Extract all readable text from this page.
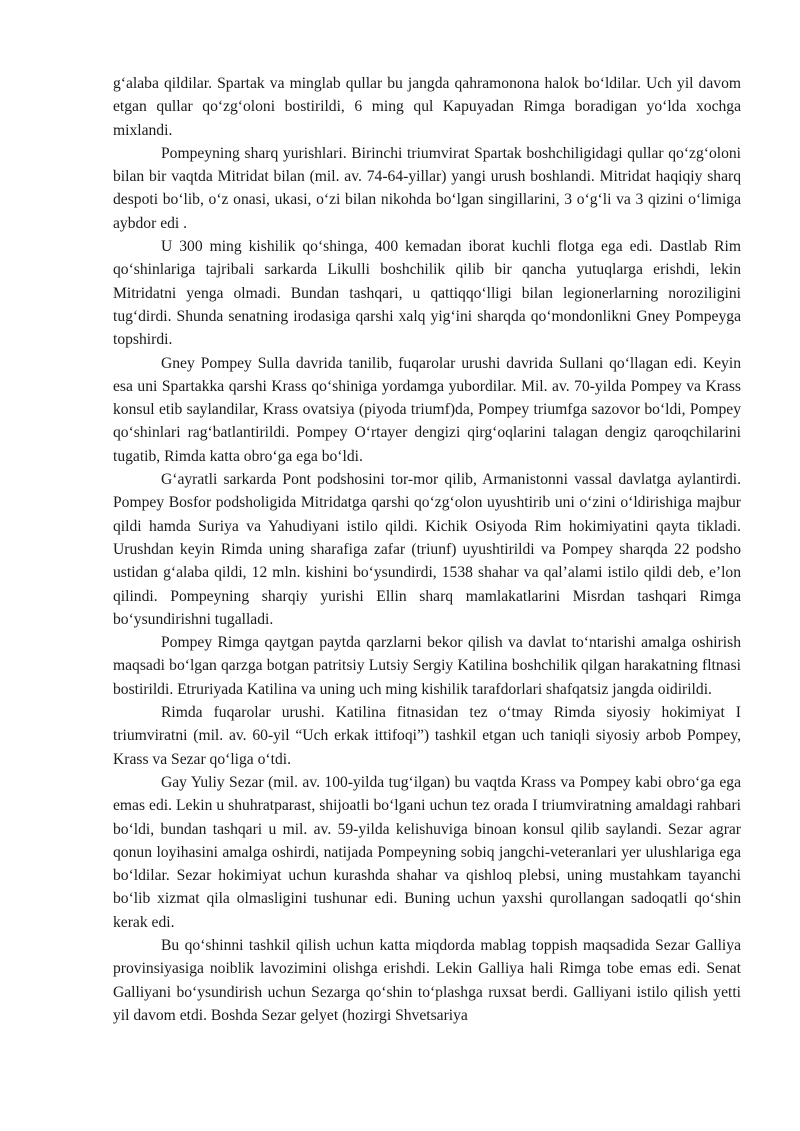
g‘alaba qildilar. Spartak va minglab qullar bu jangda qahramonona halok bo‘ldilar. Uch yil davom etgan qullar qo‘zg‘oloni bostirildi, 6 ming qul Kapuyadan Rimga boradigan yo‘lda xochga mixlandi.

Pompeyning sharq yurishlari. Birinchi triumvirat Spartak boshchiligidagi qullar qo‘zg‘oloni bilan bir vaqtda Mitridat bilan (mil. av. 74-64-yillar) yangi urush boshlandi. Mitridat haqiqiy sharq despoti bo‘lib, o‘z onasi, ukasi, o‘zi bilan nikohda bo‘lgan singillarini, 3 o‘g‘li va 3 qizini o‘limiga aybdor edi .

U 300 ming kishilik qo‘shinga, 400 kemadan iborat kuchli flotga ega edi. Dastlab Rim qo‘shinlariga tajribali sarkarda Likulli boshchilik qilib bir qancha yutuqlarga erishdi, lekin Mitridatni yenga olmadi. Bundan tashqari, u qattiqqo‘lligi bilan legionerlarning noroziligini tug‘dirdi. Shunda senatning irodasiga qarshi xalq yig‘ini sharqda qo‘mondonlikni Gney Pompeyga topshirdi.

Gney Pompey Sulla davrida tanilib, fuqarolar urushi davrida Sullani qo‘llagan edi. Keyin esa uni Spartakka qarshi Krass qo‘shiniga yordamga yubordilar. Mil. av. 70-yilda Pompey va Krass konsul etib saylandilar, Krass ovatsiya (piyoda triumf)da, Pompey triumfga sazovor bo‘ldi, Pompey qo‘shinlari rag‘batlantirildi. Pompey O‘rtayer dengizi qirg‘oqlarini talagan dengiz qaroqchilarini tugatib, Rimda katta obro‘ga ega bo‘ldi.

G‘ayratli sarkarda Pont podshosini tor-mor qilib, Armanistonni vassal davlatga aylantirdi. Pompey Bosfor podsholigida Mitridatga qarshi qo‘zg‘olon uyushtirib uni o‘zini o‘ldirishiga majbur qildi hamda Suriya va Yahudiyani istilo qildi. Kichik Osiyoda Rim hokimiyatini qayta tikladi. Urushdan keyin Rimda uning sharafiga zafar (triunf) uyushtirildi va Pompey sharqda 22 podsho ustidan g‘alaba qildi, 12 mln. kishini bo‘ysundirdi, 1538 shahar va qal’alami istilo qildi deb, e’lon qilindi. Pompeyning sharqiy yurishi Ellin sharq mamlakatlarini Misrdan tashqari Rimga bo‘ysundirishni tugalladi.

Pompey Rimga qaytgan paytda qarzlarni bekor qilish va davlat to‘ntarishi amalga oshirish maqsadi bo‘lgan qarzga botgan patritsiy Lutsiy Sergiy Katilina boshchilik qilgan harakatning fltnasi bostirildi. Etruriyada Katilina va uning uch ming kishilik tarafdorlari shafqatsiz jangda oidirildi.

Rimda fuqarolar urushi. Katilina fitnasidan tez o‘tmay Rimda siyosiy hokimiyat I triumviratni (mil. av. 60-yil “Uch erkak ittifoqi”) tashkil etgan uch taniqli siyosiy arbob Pompey, Krass va Sezar qo‘liga o‘tdi.

Gay Yuliy Sezar (mil. av. 100-yilda tug‘ilgan) bu vaqtda Krass va Pompey kabi obro‘ga ega emas edi. Lekin u shuhratparast, shijoatli bo‘lgani uchun tez orada I triumviratning amaldagi rahbari bo‘ldi, bundan tashqari u mil. av. 59-yilda kelishuviga binoan konsul qilib saylandi. Sezar agrar qonun loyihasini amalga oshirdi, natijada Pompeyning sobiq jangchi-veteranlari yer ulushlariga ega bo‘ldilar. Sezar hokimiyat uchun kurashda shahar va qishloq plebsi, uning mustahkam tayanchi bo‘lib xizmat qila olmasligini tushunar edi. Buning uchun yaxshi qurollangan sadoqatli qo‘shin kerak edi.

Bu qo‘shinni tashkil qilish uchun katta miqdorda mablag toppish maqsadida Sezar Galliya provinsiyasiga noiblik lavozimini olishga erishdi. Lekin Galliya hali Rimga tobe emas edi. Senat Galliyani bo‘ysundirish uchun Sezarga qo‘shin to‘plashga ruxsat berdi. Galliyani istilo qilish yetti yil davom etdi. Boshda Sezar gelyet (hozirgi Shvetsariya
